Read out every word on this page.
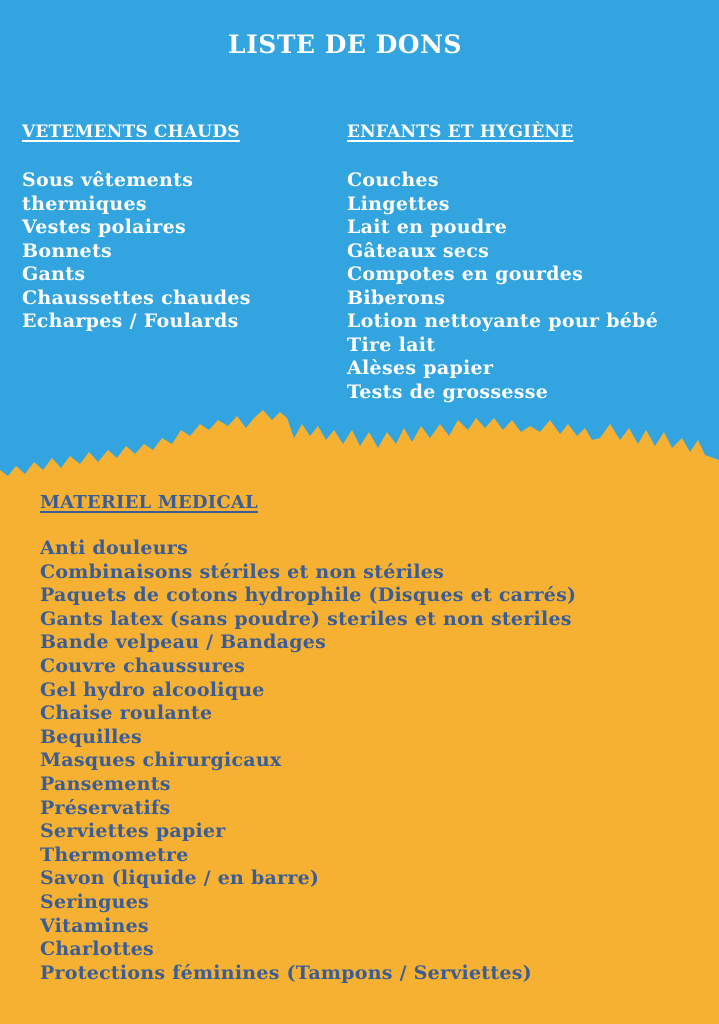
LISTE DE DONS
VETEMENTS CHAUDS
Sous vêtements thermiques
Vestes polaires
Bonnets
Gants
Chaussettes chaudes
Echarpes / Foulards
ENFANTS ET HYGIÈNE
Couches
Lingettes
Lait en poudre
Gâteaux secs
Compotes en gourdes
Biberons
Lotion nettoyante pour bébé
Tire lait
Alèses papier
Tests de grossesse
MATERIEL MEDICAL
Anti douleurs
Combinaisons stériles et non stériles
Paquets de cotons hydrophile (Disques et carrés)
Gants latex (sans poudre) steriles et non steriles
Bande velpeau / Bandages
Couvre chaussures
Gel hydro alcoolique
Chaise roulante
Bequilles
Masques chirurgicaux
Pansements
Préservatifs
Serviettes papier
Thermometre
Savon (liquide / en barre)
Seringues
Vitamines
Charlottes
Protections féminines (Tampons / Serviettes)
